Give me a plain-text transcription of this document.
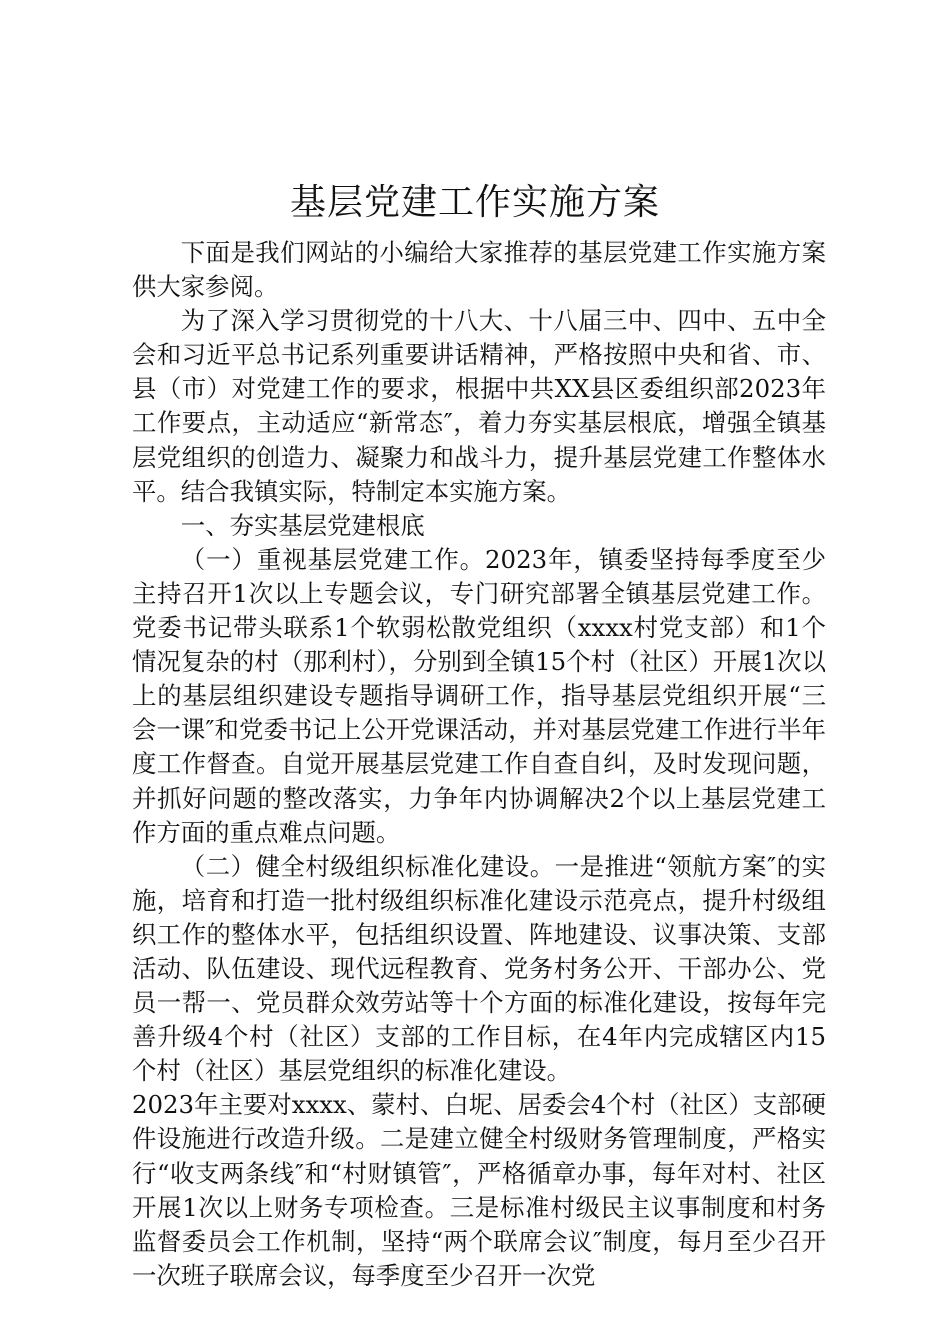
基层党建工作实施方案

下面是我们网站的小编给大家推荐的基层党建工作实施方案供大家参阅。

为了深入学习贯彻党的十八大、十八届三中、四中、五中全会和习近平总书记系列重要讲话精神，严格按照中央和省、市、县（市）对党建工作的要求，根据中共XX县区委组织部2023年工作要点，主动适应“新常态″，着力夯实基层根底，增强全镇基层党组织的创造力、凝聚力和战斗力，提升基层党建工作整体水平。结合我镇实际，特制定本实施方案。

一、夯实基层党建根底

（一）重视基层党建工作。2023年，镇委坚持每季度至少主持召开1次以上专题会议，专门研究部署全镇基层党建工作。党委书记带头联系1个软弱松散党组织（xxxx村党支部）和1个情况复杂的村（那利村），分别到全镇15个村（社区）开展1次以上的基层组织建设专题指导调研工作，指导基层党组织开展“三会一课″和党委书记上公开党课活动，并对基层党建工作进行半年度工作督查。自觉开展基层党建工作自查自纠，及时发现问题，并抓好问题的整改落实，力争年内协调解决2个以上基层党建工作方面的重点难点问题。

（二）健全村级组织标准化建设。一是推进“领航方案″的实施，培育和打造一批村级组织标准化建设示范亮点，提升村级组织工作的整体水平，包括组织设置、阵地建设、议事决策、支部活动、队伍建设、现代远程教育、党务村务公开、干部办公、党员一帮一、党员群众效劳站等十个方面的标准化建设，按每年完善升级4个村（社区）支部的工作目标，在4年内完成辖区内15个村（社区）基层党组织的标准化建设。

2023年主要对xxxx、蒙村、白坭、居委会4个村（社区）支部硬件设施进行改造升级。二是建立健全村级财务管理制度，严格实行“收支两条线″和“村财镇管″，严格循章办事，每年对村、社区开展1次以上财务专项检查。三是标准村级民主议事制度和村务监督委员会工作机制，坚持“两个联席会议″制度，每月至少召开一次班子联席会议，每季度至少召开一次党
